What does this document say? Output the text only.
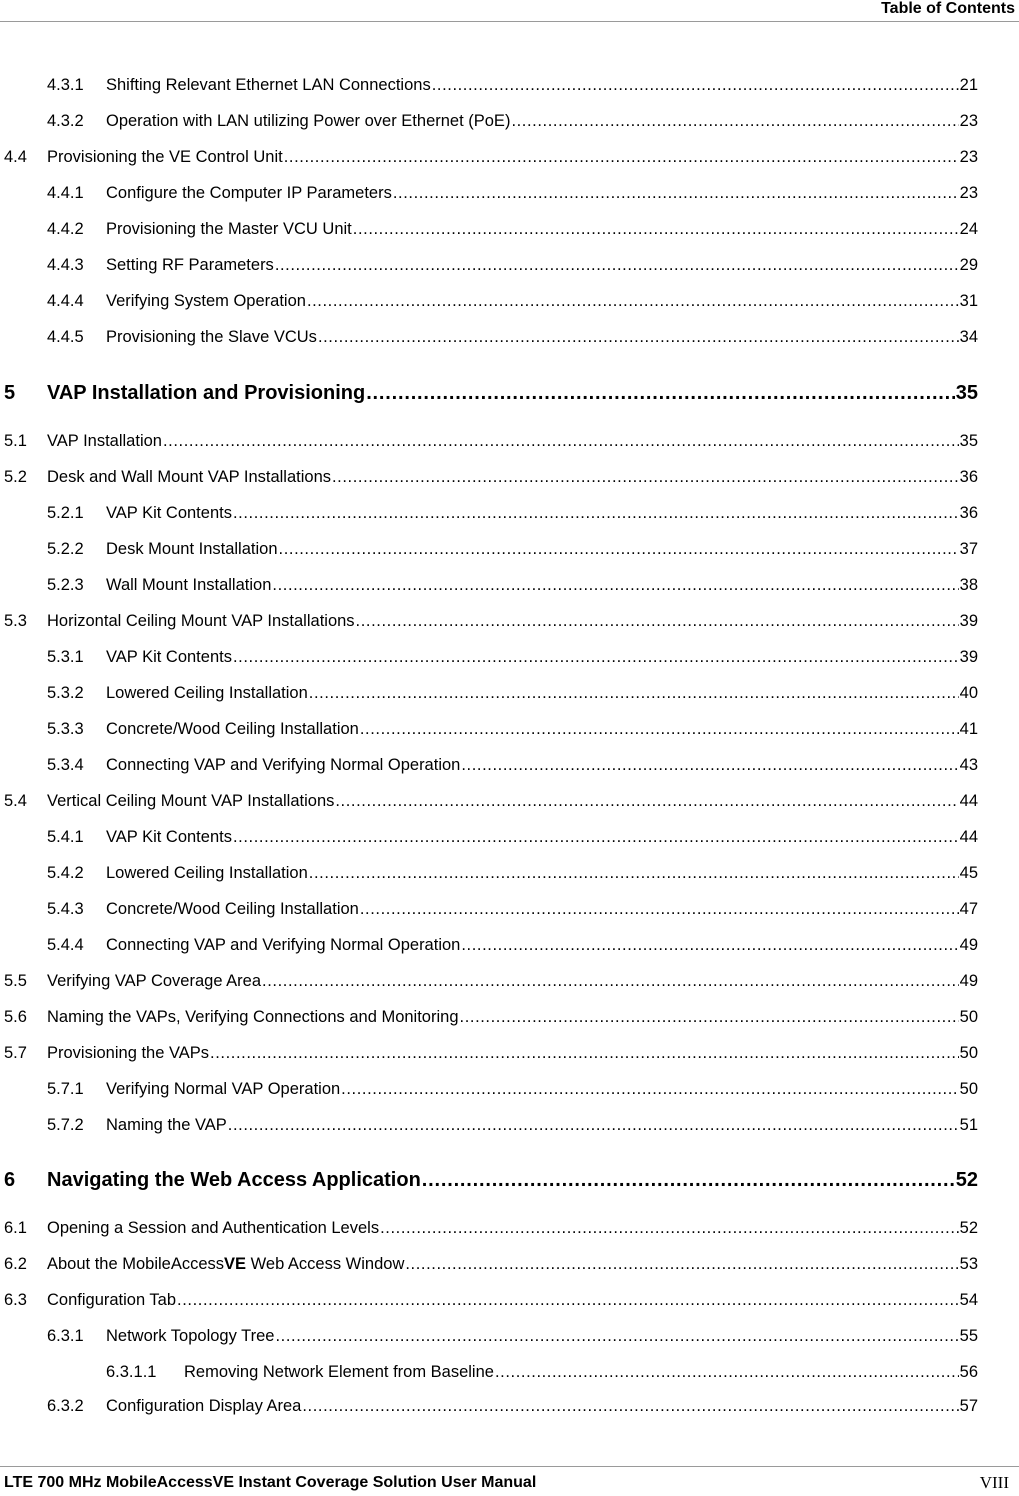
Table of Contents
4.3.1	Shifting Relevant Ethernet LAN Connections .....	21
4.3.2	Operation with LAN utilizing Power over Ethernet (PoE) .....	23
4.4	Provisioning the VE Control Unit .....	23
4.4.1	Configure the Computer IP Parameters .....	23
4.4.2	Provisioning the Master VCU Unit .....	24
4.4.3	Setting RF Parameters .....	29
4.4.4	Verifying System Operation .....	31
4.4.5	Provisioning the Slave VCUs .....	34
5	VAP Installation and Provisioning .....	35
5.1	VAP Installation .....	35
5.2	Desk and Wall Mount VAP Installations .....	36
5.2.1	VAP Kit Contents .....	36
5.2.2	Desk Mount Installation .....	37
5.2.3	Wall Mount Installation .....	38
5.3	Horizontal Ceiling Mount VAP Installations .....	39
5.3.1	VAP Kit Contents .....	39
5.3.2	Lowered Ceiling Installation .....	40
5.3.3	Concrete/Wood Ceiling Installation .....	41
5.3.4	Connecting VAP and Verifying Normal Operation .....	43
5.4	Vertical Ceiling Mount VAP Installations .....	44
5.4.1	VAP Kit Contents .....	44
5.4.2	Lowered Ceiling Installation .....	45
5.4.3	Concrete/Wood Ceiling Installation .....	47
5.4.4	Connecting VAP and Verifying Normal Operation .....	49
5.5	Verifying VAP Coverage Area .....	49
5.6	Naming the VAPs, Verifying Connections and Monitoring .....	50
5.7	Provisioning the VAPs .....	50
5.7.1	Verifying Normal VAP Operation .....	50
5.7.2	Naming the VAP .....	51
6	Navigating the Web Access Application .....	52
6.1	Opening a Session and Authentication Levels .....	52
6.2	About the MobileAccessVE Web Access Window .....	53
6.3	Configuration Tab .....	54
6.3.1	Network Topology Tree .....	55
6.3.1.1	Removing Network Element from Baseline .....	56
6.3.2	Configuration Display Area .....	57
LTE 700 MHz MobileAccessVE Instant Coverage Solution User Manual	VIII
